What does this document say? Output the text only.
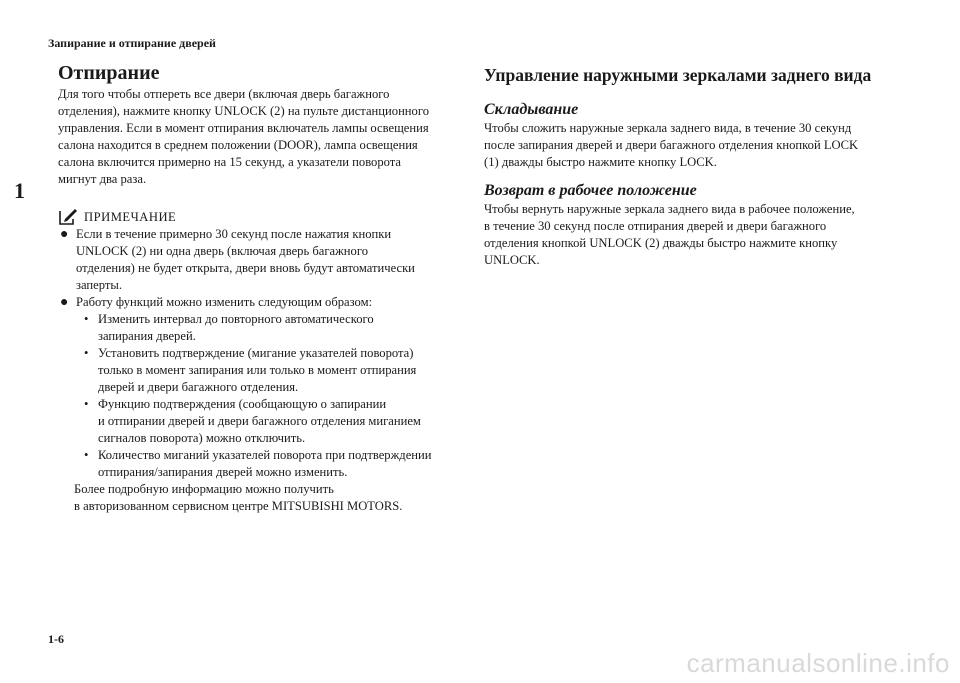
Запирание и отпирание дверей
1
Отпирание

Для того чтобы отпереть все двери (включая дверь багажного
отделения), нажмите кнопку UNLOCK (2) на пульте дистанционного
управления. Если в момент отпирания включатель лампы освещения
салона находится в среднем положении (DOOR), лампа освещения
салона включится примерно на 15 секунд, а указатели поворота
мигнут два раза.

ПРИМЕЧАНИЕ
● Если в течение примерно 30 секунд после нажатия кнопки
UNLOCK (2) ни одна дверь (включая дверь багажного
отделения) не будет открыта, двери вновь будут автоматически
заперты.
● Работу функций можно изменить следующим образом:
• Изменить интервал до повторного автоматического
запирания дверей.
• Установить подтверждение (мигание указателей поворота)
только в момент запирания или только в момент отпирания
дверей и двери багажного отделения.
• Функцию подтверждения (сообщающую о запирании
и отпирании дверей и двери багажного отделения миганием
сигналов поворота) можно отключить.
• Количество миганий указателей поворота при подтверждении
отпирания/запирания дверей можно изменить.
Более подробную информацию можно получить
в авторизованном сервисном центре MITSUBISHI MOTORS.
Управление наружными зеркалами заднего вида
Складывание

Чтобы сложить наружные зеркала заднего вида, в течение 30 секунд
после запирания дверей и двери багажного отделения кнопкой LOCK
(1) дважды быстро нажмите кнопку LOCK.

Возврат в рабочее положение

Чтобы вернуть наружные зеркала заднего вида в рабочее положение,
в течение 30 секунд после отпирания дверей и двери багажного
отделения кнопкой UNLOCK (2) дважды быстро нажмите кнопку
UNLOCK.

1-6
carmanualsonline.info
